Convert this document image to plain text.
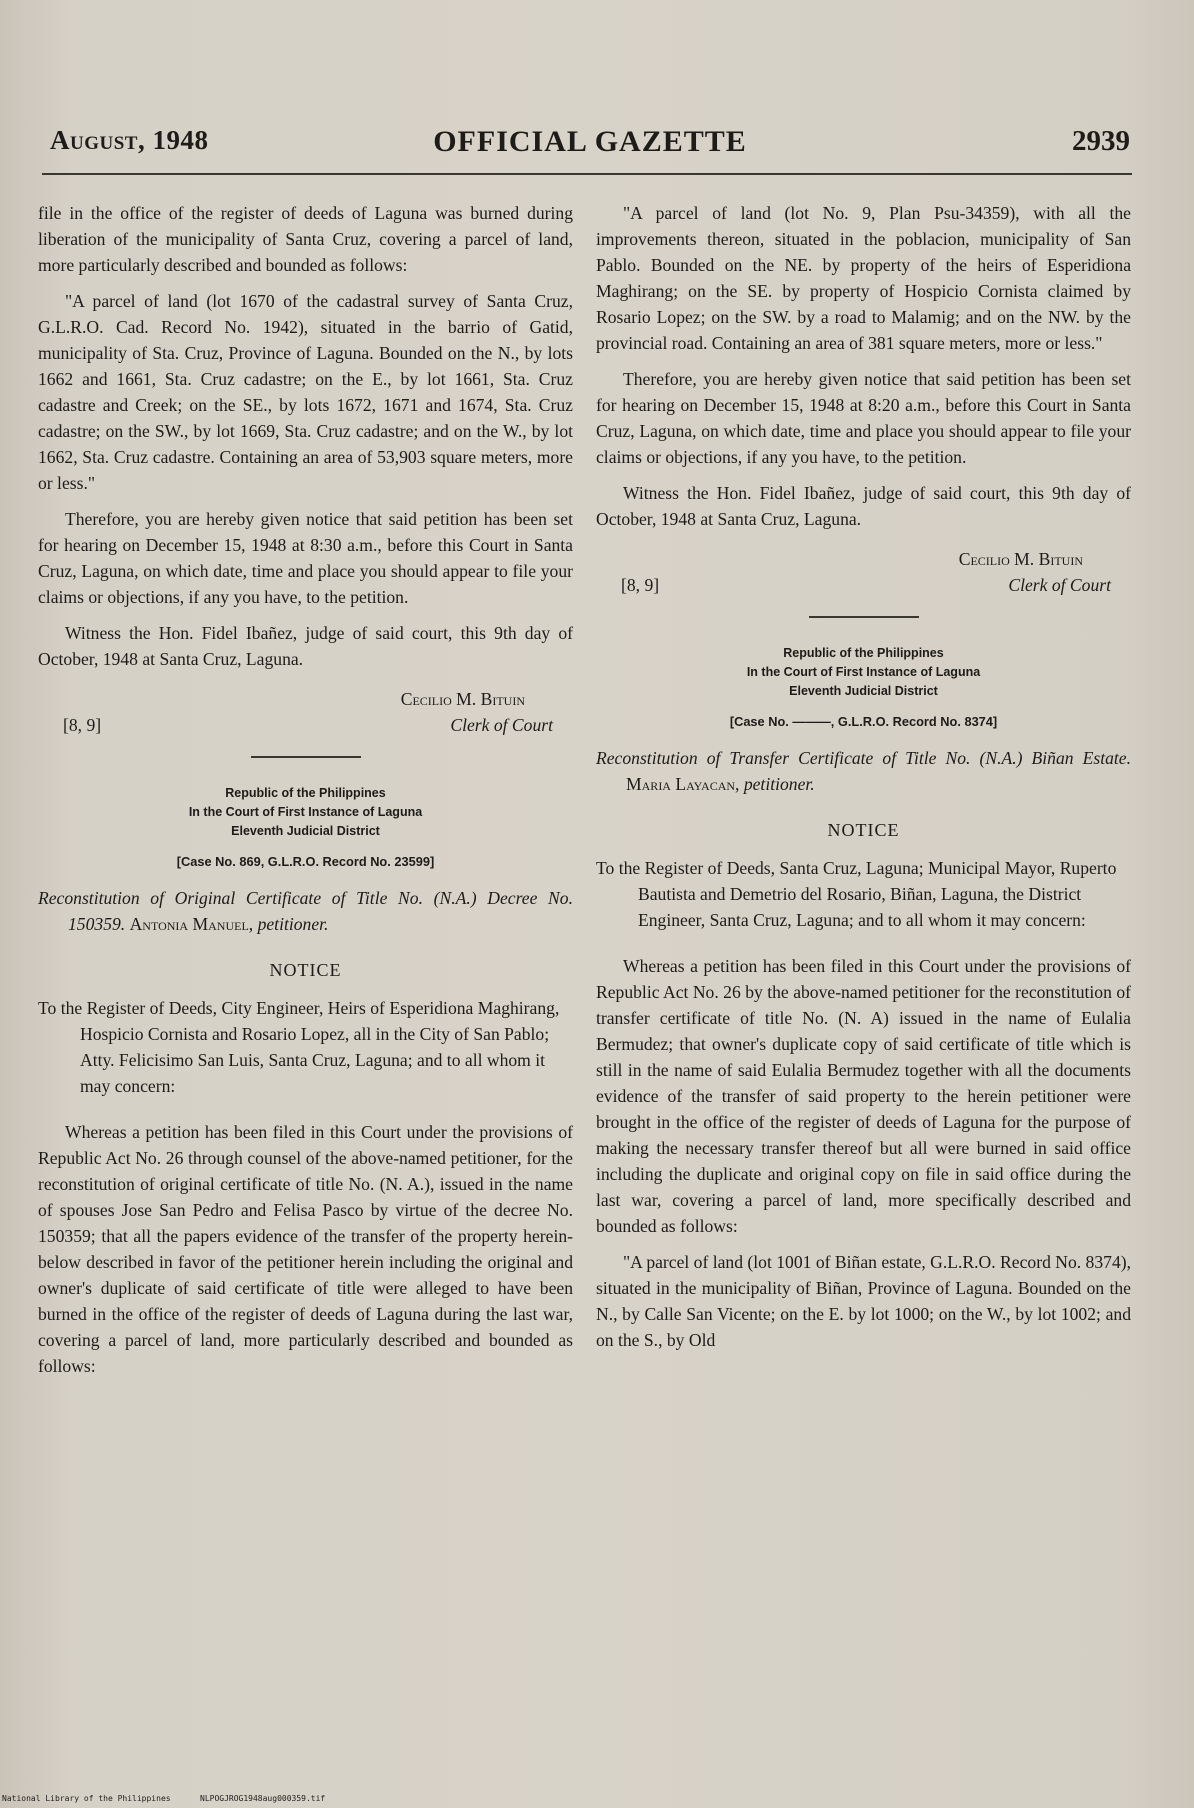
August, 1948	OFFICIAL GAZETTE	2939

file in the office of the register of deeds of Laguna was burned during liberation of the municipality of Santa Cruz, covering a parcel of land, more particularly described and bounded as follows:

"A parcel of land (lot 1670 of the cadastral survey of Santa Cruz, G.L.R.O. Cad. Record No. 1942), situated in the barrio of Gatid, municipality of Sta. Cruz, Province of Laguna. Bounded on the N., by lots 1662 and 1661, Sta. Cruz cadastre; on the E., by lot 1661, Sta. Cruz cadastre and Creek; on the SE., by lots 1672, 1671 and 1674, Sta. Cruz cadastre; on the SW., by lot 1669, Sta. Cruz cadastre; and on the W., by lot 1662, Sta. Cruz cadastre. Containing an area of 53,903 square meters, more or less."

Therefore, you are hereby given notice that said petition has been set for hearing on December 15, 1948 at 8:30 a.m., before this Court in Santa Cruz, Laguna, on which date, time and place you should appear to file your claims or objections, if any you have, to the petition.

Witness the Hon. Fidel Ibañez, judge of said court, this 9th day of October, 1948 at Santa Cruz, Laguna.

Cecilio M. Bituin
[8, 9]	Clerk of Court
Republic of the Philippines
In the Court of First Instance of Laguna
Eleventh Judicial District
[Case No. 869, G.L.R.O. Record No. 23599]
Reconstitution of Original Certificate of Title No. (N.A.) Decree No. 150359. Antonia Manuel, petitioner.
NOTICE
To the Register of Deeds, City Engineer, Heirs of Esperidiona Maghirang, Hospicio Cornista and Rosario Lopez, all in the City of San Pablo; Atty. Felicisimo San Luis, Santa Cruz, Laguna; and to all whom it may concern:

Whereas a petition has been filed in this Court under the provisions of Republic Act No. 26 through counsel of the above-named petitioner, for the reconstitution of original certificate of title No. (N. A.), issued in the name of spouses Jose San Pedro and Felisa Pasco by virtue of the decree No. 150359; that all the papers evidence of the transfer of the property herein-below described in favor of the petitioner herein including the original and owner's duplicate of said certificate of title were alleged to have been burned in the office of the register of deeds of Laguna during the last war, covering a parcel of land, more particularly described and bounded as follows:

"A parcel of land (lot No. 9, Plan Psu-34359), with all the improvements thereon, situated in the poblacion, municipality of San Pablo. Bounded on the NE. by property of the heirs of Esperidiona Maghirang; on the SE. by property of Hospicio Cornista claimed by Rosario Lopez; on the SW. by a road to Malamig; and on the NW. by the provincial road. Containing an area of 381 square meters, more or less."

Therefore, you are hereby given notice that said petition has been set for hearing on December 15, 1948 at 8:20 a.m., before this Court in Santa Cruz, Laguna, on which date, time and place you should appear to file your claims or objections, if any you have, to the petition.

Witness the Hon. Fidel Ibañez, judge of said court, this 9th day of October, 1948 at Santa Cruz, Laguna.

Cecilio M. Bituin
[8, 9]	Clerk of Court
Republic of the Philippines
In the Court of First Instance of Laguna
Eleventh Judicial District
[Case No. ———, G.L.R.O. Record No. 8374]
Reconstitution of Transfer Certificate of Title No. (N.A.) Biñan Estate. Maria Layacan, petitioner.
NOTICE
To the Register of Deeds, Santa Cruz, Laguna; Municipal Mayor, Ruperto Bautista and Demetrio del Rosario, Biñan, Laguna, the District Engineer, Santa Cruz, Laguna; and to all whom it may concern:

Whereas a petition has been filed in this Court under the provisions of Republic Act No. 26 by the above-named petitioner for the reconstitution of transfer certificate of title No. (N. A) issued in the name of Eulalia Bermudez; that owner's duplicate copy of said certificate of title which is still in the name of said Eulalia Bermudez together with all the documents evidence of the transfer of said property to the herein petitioner were brought in the office of the register of deeds of Laguna for the purpose of making the necessary transfer thereof but all were burned in said office including the duplicate and original copy on file in said office during the last war, covering a parcel of land, more specifically described and bounded as follows:

"A parcel of land (lot 1001 of Biñan estate, G.L.R.O. Record No. 8374), situated in the municipality of Biñan, Province of Laguna. Bounded on the N., by Calle San Vicente; on the E. by lot 1000; on the W., by lot 1002; and on the S., by Old

National Library of the Philippines	NLPOGJROG1948aug000359.tif
